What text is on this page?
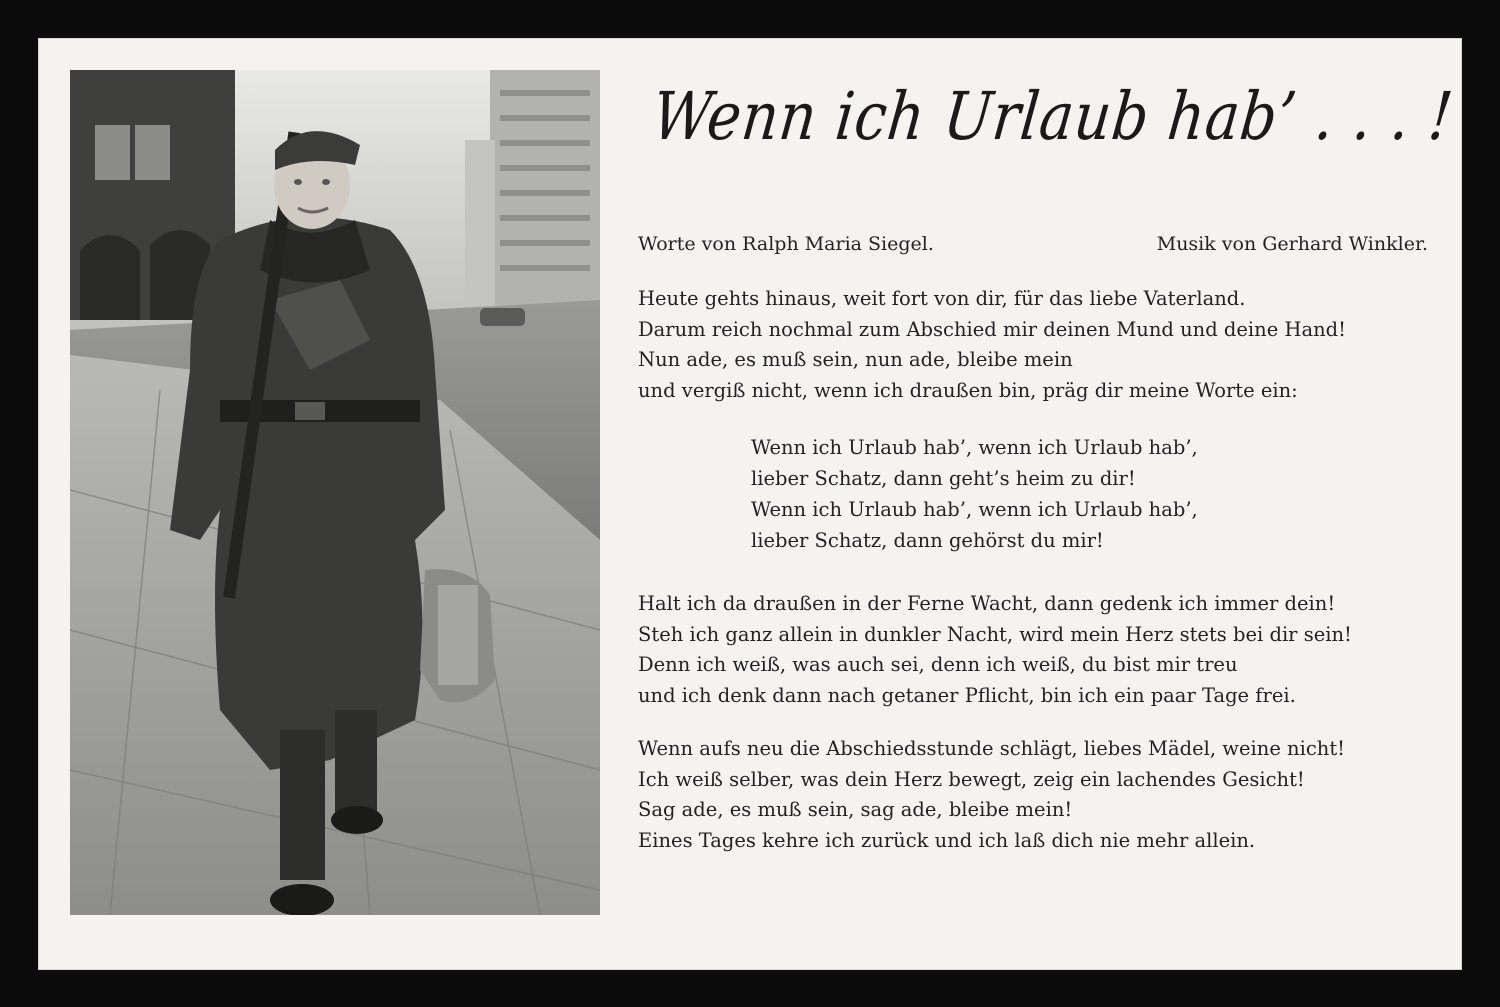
Wenn ich Urlaub hab’ . . . !
Worte von Ralph Maria Siegel.	Musik von Gerhard Winkler.
Heute gehts hinaus, weit fort von dir, für das liebe Vaterland.
Darum reich nochmal zum Abschied mir deinen Mund und deine Hand!
Nun ade, es muß sein, nun ade, bleibe mein
und vergiß nicht, wenn ich draußen bin, präg dir meine Worte ein:
Wenn ich Urlaub hab’, wenn ich Urlaub hab’,
lieber Schatz, dann geht’s heim zu dir!
Wenn ich Urlaub hab’, wenn ich Urlaub hab’,
lieber Schatz, dann gehörst du mir!
Halt ich da draußen in der Ferne Wacht, dann gedenk ich immer dein!
Steh ich ganz allein in dunkler Nacht, wird mein Herz stets bei dir sein!
Denn ich weiß, was auch sei, denn ich weiß, du bist mir treu
und ich denk dann nach getaner Pflicht, bin ich ein paar Tage frei.
Wenn aufs neu die Abschiedsstunde schlägt, liebes Mädel, weine nicht!
Ich weiß selber, was dein Herz bewegt, zeig ein lachendes Gesicht!
Sag ade, es muß sein, sag ade, bleibe mein!
Eines Tages kehre ich zurück und ich laß dich nie mehr allein.
